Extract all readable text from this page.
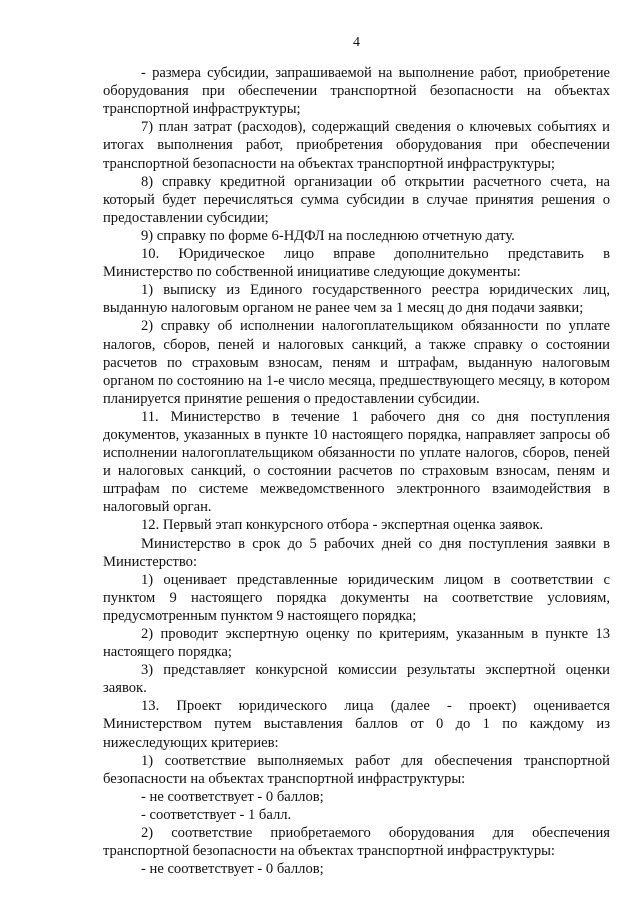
4

- размера субсидии, запрашиваемой на выполнение работ, приобретение оборудования при обеспечении транспортной безопасности на объектах транспортной инфраструктуры;

7) план затрат (расходов), содержащий сведения о ключевых событиях и итогах выполнения работ, приобретения оборудования при обеспечении транспортной безопасности на объектах транспортной инфраструктуры;

8) справку кредитной организации об открытии расчетного счета, на который будет перечисляться сумма субсидии в случае принятия решения о предоставлении субсидии;

9) справку по форме 6-НДФЛ на последнюю отчетную дату.

10. Юридическое лицо вправе дополнительно представить в Министерство по собственной инициативе следующие документы:

1) выписку из Единого государственного реестра юридических лиц, выданную налоговым органом не ранее чем за 1 месяц до дня подачи заявки;

2) справку об исполнении налогоплательщиком обязанности по уплате налогов, сборов, пеней и налоговых санкций, а также справку о состоянии расчетов по страховым взносам, пеням и штрафам, выданную налоговым органом по состоянию на 1-е число месяца, предшествующего месяцу, в котором планируется принятие решения о предоставлении субсидии.

11. Министерство в течение 1 рабочего дня со дня поступления документов, указанных в пункте 10 настоящего порядка, направляет запросы об исполнении налогоплательщиком обязанности по уплате налогов, сборов, пеней и налоговых санкций, о состоянии расчетов по страховым взносам, пеням и штрафам по системе межведомственного электронного взаимодействия в налоговый орган.

12. Первый этап конкурсного отбора - экспертная оценка заявок.

Министерство в срок до 5 рабочих дней со дня поступления заявки в Министерство:

1) оценивает представленные юридическим лицом в соответствии с пунктом 9 настоящего порядка документы на соответствие условиям, предусмотренным пунктом 9 настоящего порядка;

2) проводит экспертную оценку по критериям, указанным в пункте 13 настоящего порядка;

3) представляет конкурсной комиссии результаты экспертной оценки заявок.

13. Проект юридического лица (далее - проект) оценивается Министерством путем выставления баллов от 0 до 1 по каждому из нижеследующих критериев:

1) соответствие выполняемых работ для обеспечения транспортной безопасности на объектах транспортной инфраструктуры:

- не соответствует - 0 баллов;

- соответствует - 1 балл.

2) соответствие приобретаемого оборудования для обеспечения транспортной безопасности на объектах транспортной инфраструктуры:

- не соответствует - 0 баллов;
